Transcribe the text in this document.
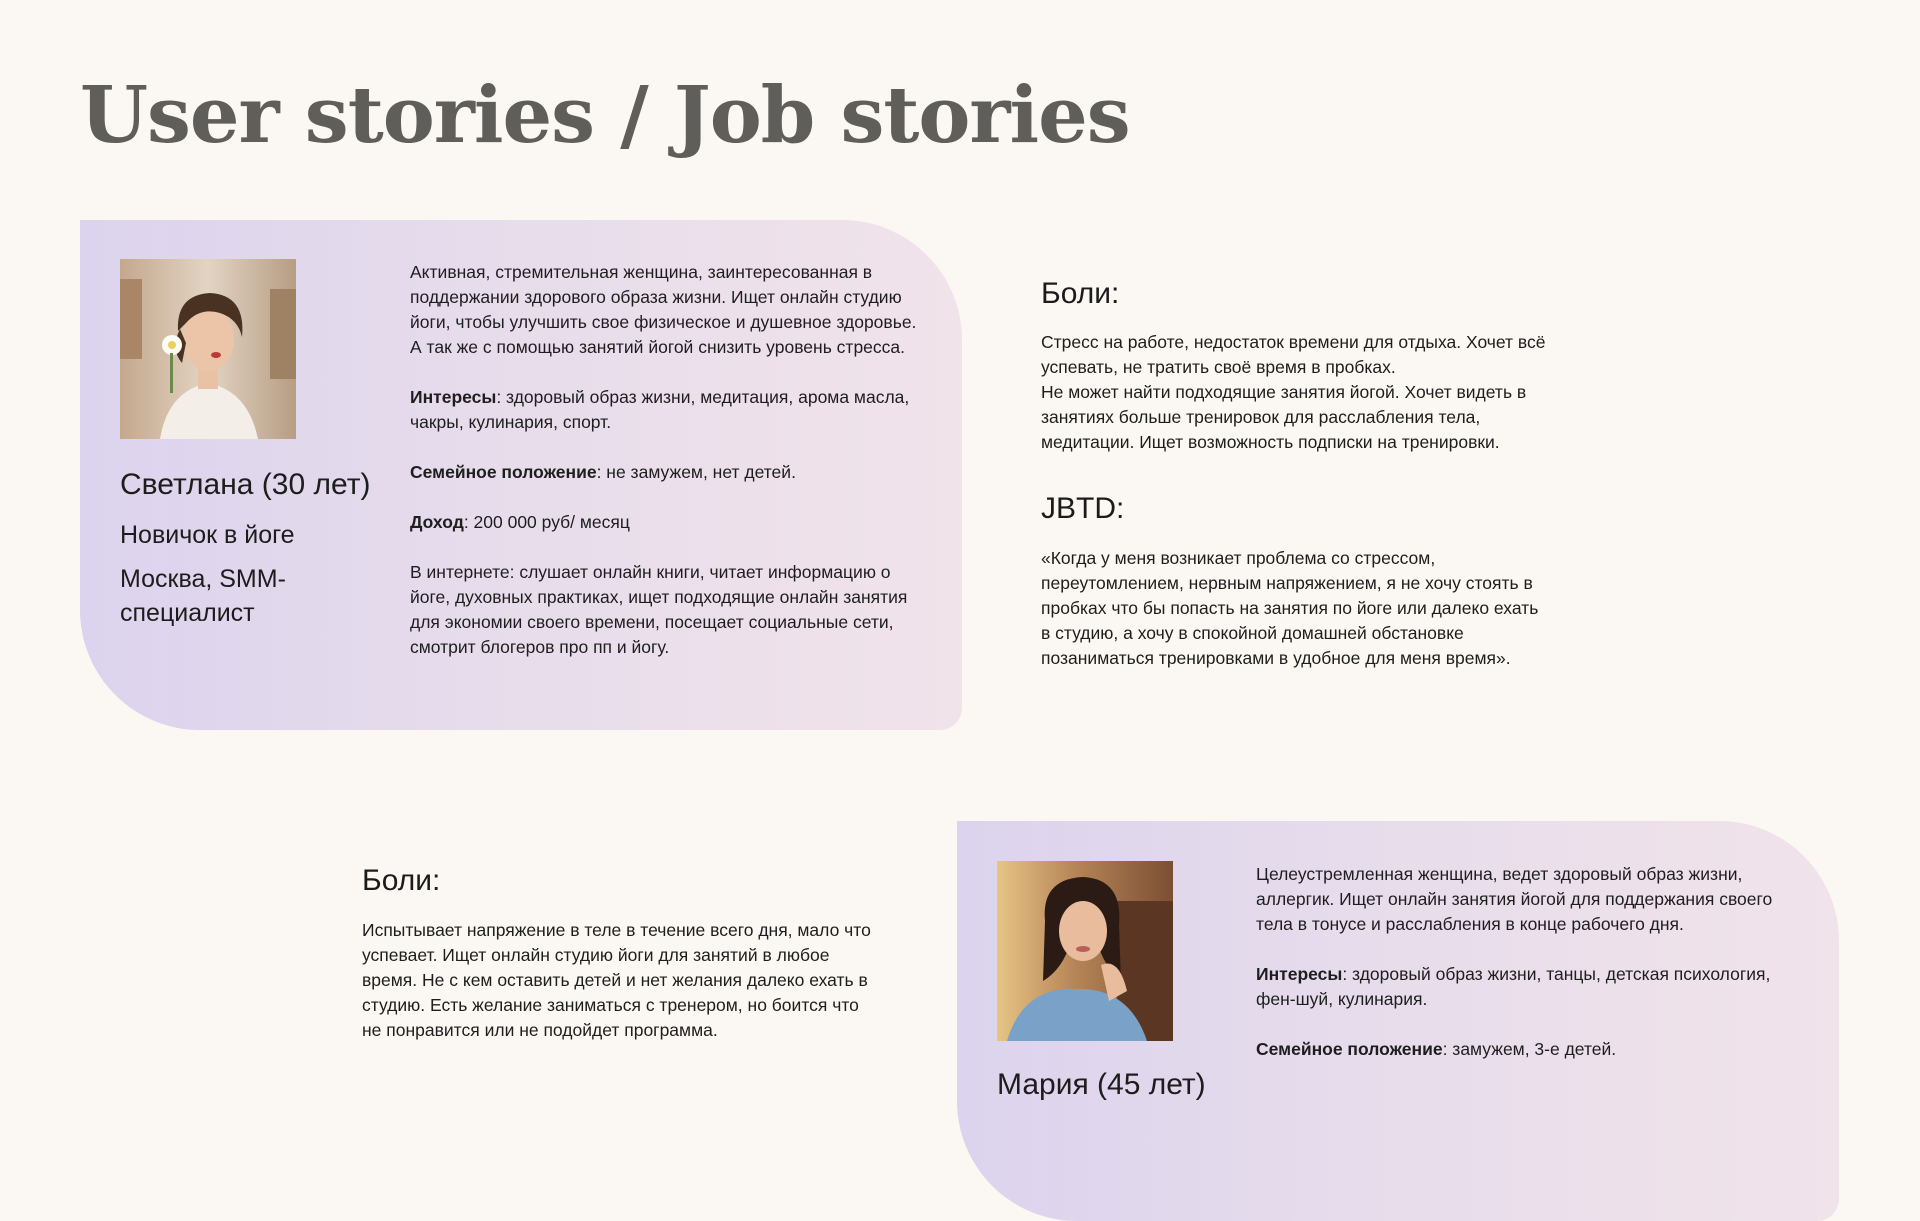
User stories / Job stories
Светлана (30 лет)
Новичок в йоге
Москва, SMM-специалист

Активная, стремительная женщина, заинтересованная в поддержании здорового образа жизни. Ищет онлайн студию йоги, чтобы улучшить свое физическое и душевное здоровье. А так же с помощью занятий йогой снизить уровень стресса.

Интересы: здоровый образ жизни, медитация, арома масла, чакры, кулинария, спорт.

Семейное положение: не замужем, нет детей.

Доход: 200 000 руб/ месяц

В интернете: слушает онлайн книги, читает информацию о йоге, духовных практиках, ищет подходящие онлайн занятия для экономии своего времени, посещает социальные сети, смотрит блогеров про пп и йогу.

Боли:

Стресс на работе, недостаток времени для отдыха. Хочет всё успевать, не тратить своё время в пробках.
Не может найти подходящие занятия йогой. Хочет видеть в занятиях больше тренировок для расслабления тела, медитации. Ищет возможность подписки на тренировки.

JBTD:

«Когда у меня возникает проблема со стрессом, переутомлением, нервным напряжением, я не хочу стоять в пробках что бы попасть на занятия по йоге или далеко ехать в студию, а хочу в спокойной домашней обстановке позаниматься тренировками в удобное для меня время».

Боли:

Испытывает напряжение в теле в течение всего дня, мало что успевает. Ищет онлайн студию йоги для занятий в любое время. Не с кем оставить детей и нет желания далеко ехать в студию. Есть желание заниматься с тренером, но боится что не понравится или не подойдет программа.

Мария (45 лет)

Целеустремленная женщина, ведет здоровый образ жизни, аллергик. Ищет онлайн занятия йогой для поддержания своего тела в тонусе и расслабления в конце рабочего дня.

Интересы: здоровый образ жизни, танцы, детская психология, фен-шуй, кулинария.

Семейное положение: замужем, 3-е детей.
